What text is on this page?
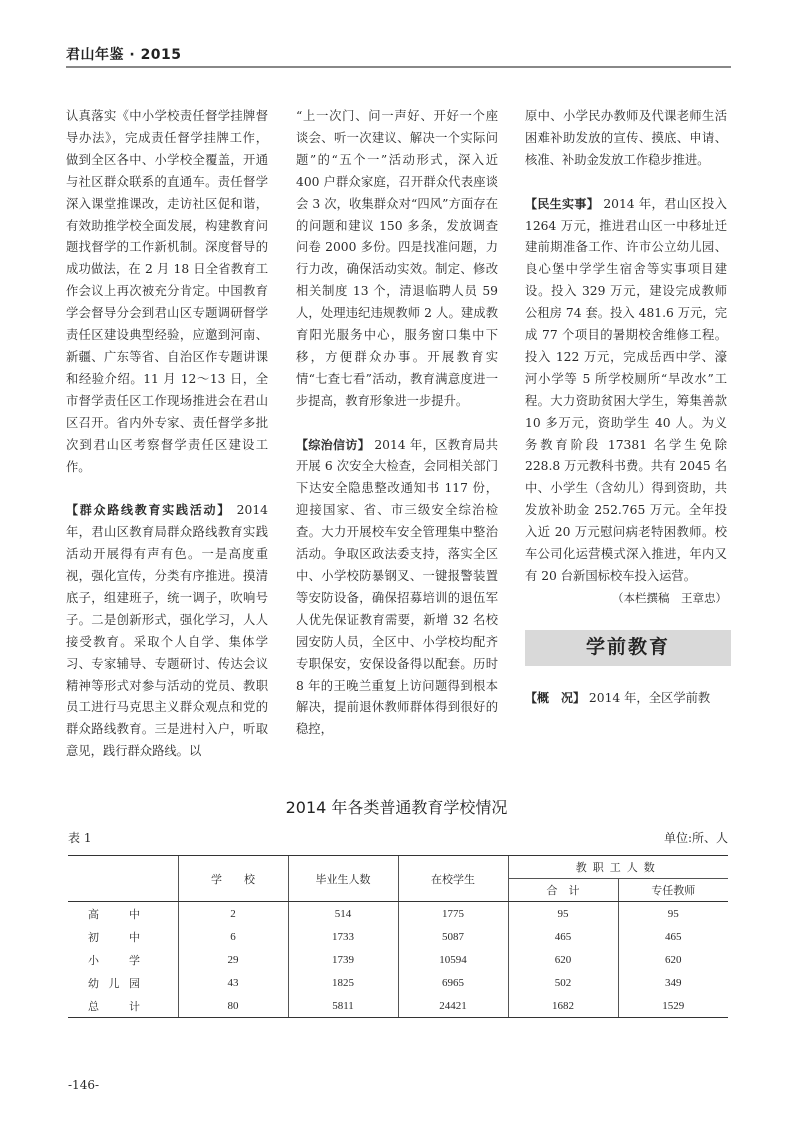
君山年鉴 · 2015

认真落实《中小学校责任督学挂牌督导办法》，完成责任督学挂牌工作，做到全区各中、小学校全覆盖，开通与社区群众联系的直通车。责任督学深入课堂推课改，走访社区促和谐，有效助推学校全面发展，构建教育问题找督学的工作新机制。深度督导的成功做法，在 2 月 18 日全省教育工作会议上再次被充分肯定。中国教育学会督导分会到君山区专题调研督学责任区建设典型经验，应邀到河南、新疆、广东等省、自治区作专题讲课和经验介绍。11 月 12～13 日，全市督学责任区工作现场推进会在君山区召开。省内外专家、责任督学多批次到君山区考察督学责任区建设工作。

【群众路线教育实践活动】 2014 年，君山区教育局群众路线教育实践活动开展得有声有色。一是高度重视，强化宣传，分类有序推进。摸清底子，组建班子，统一调子，吹响号子。二是创新形式，强化学习，人人接受教育。采取个人自学、集体学习、专家辅导、专题研讨、传达会议精神等形式对参与活动的党员、教职员工进行马克思主义群众观点和党的群众路线教育。三是进村入户，听取意见，践行群众路线。以

“上一次门、问一声好、开好一个座谈会、听一次建议、解决一个实际问题”的“五个一”活动形式，深入近 400 户群众家庭，召开群众代表座谈会 3 次，收集群众对“四风”方面存在的问题和建议 150 多条，发放调查问卷 2000 多份。四是找准问题，力行力改，确保活动实效。制定、修改相关制度 13 个，清退临聘人员 59 人，处理违纪违规教师 2 人。建成教育阳光服务中心，服务窗口集中下移，方便群众办事。开展教育实情“七查七看”活动，教育满意度进一步提高，教育形象进一步提升。

【综治信访】 2014 年，区教育局共开展 6 次安全大检查，会同相关部门下达安全隐患整改通知书 117 份，迎接国家、省、市三级安全综治检查。大力开展校车安全管理集中整治活动。争取区政法委支持，落实全区中、小学校防暴钢叉、一键报警装置等安防设备，确保招募培训的退伍军人优先保证教育需要，新增 32 名校园安防人员，全区中、小学校均配齐专职保安，安保设备得以配套。历时 8 年的王晚兰重复上访问题得到根本解决，提前退休教师群体得到很好的稳控，

原中、小学民办教师及代课老师生活困难补助发放的宣传、摸底、申请、核准、补助金发放工作稳步推进。

【民生实事】 2014 年，君山区投入 1264 万元，推进君山区一中移址迁建前期准备工作、许市公立幼儿园、良心堡中学学生宿舍等实事项目建设。投入 329 万元，建设完成教师公租房 74 套。投入 481.6 万元，完成 77 个项目的暑期校舍维修工程。投入 122 万元，完成岳西中学、濠河小学等 5 所学校厕所“旱改水”工程。大力资助贫困大学生，筹集善款 10 多万元，资助学生 40 人。为义务教育阶段 17381 名学生免除 228.8 万元教科书费。共有 2045 名中、小学生（含幼儿）得到资助，共发放补助金 252.765 万元。全年投入近 20 万元慰问病老特困教师。校车公司化运营模式深入推进，年内又有 20 台新国标校车投入运营。

（本栏撰稿　王章忠）

学前教育

【概　况】 2014 年，全区学前教

2014 年各类普通教育学校情况
表 1	单位:所、人
	学　　校	毕业生人数	在校学生	教职工人数	
				合　计	专任教师
高中	2	514	1775	95	95
初中	6	1733	5087	465	465
小学	29	1739	10594	620	620
幼儿园	43	1825	6965	502	349
总计	80	5811	24421	1682	1529
-146-
